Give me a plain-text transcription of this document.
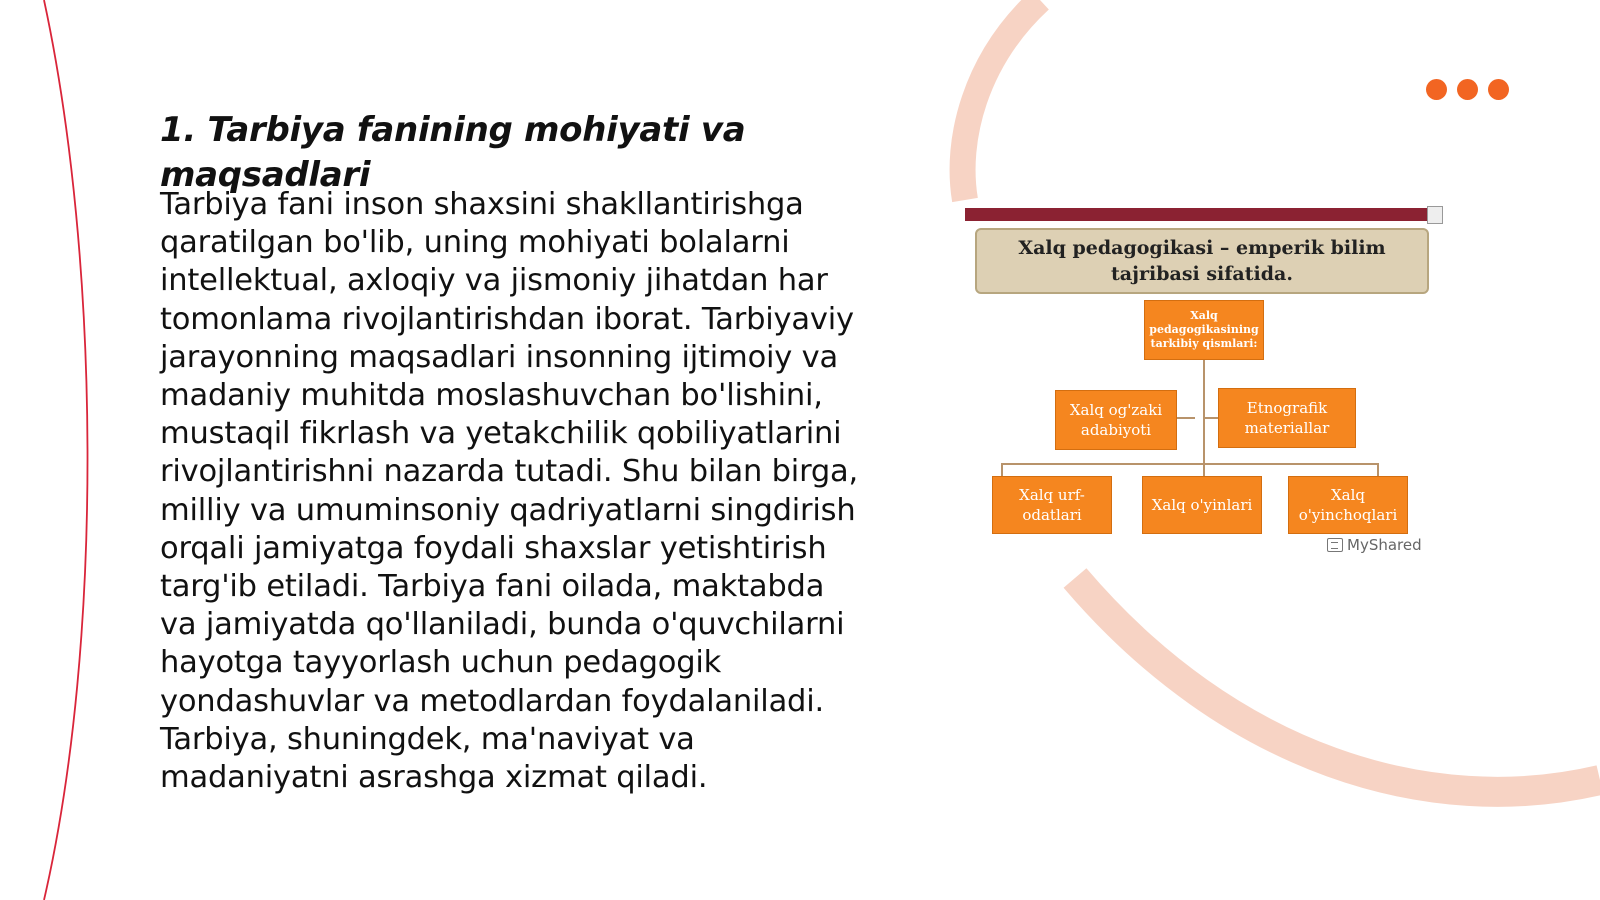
1. Tarbiya fanining mohiyati va maqsadlari

Tarbiya fani inson shaxsini shakllantirishga qaratilgan bo'lib, uning mohiyati bolalarni intellektual, axloqiy va jismoniy jihatdan har tomonlama rivojlantirishdan iborat. Tarbiyaviy jarayonning maqsadlari insonning ijtimoiy va madaniy muhitda moslashuvchan bo'lishini, mustaqil fikrlash va yetakchilik qobiliyatlarini rivojlantirishni nazarda tutadi. Shu bilan birga, milliy va umuminsoniy qadriyatlarni singdirish orqali jamiyatga foydali shaxslar yetishtirish targ'ib etiladi. Tarbiya fani oilada, maktabda va jamiyatda qo'llaniladi, bunda o'quvchilarni hayotga tayyorlash uchun pedagogik yondashuvlar va metodlardan foydalaniladi. Tarbiya, shuningdek, ma'naviyat va madaniyatni asrashga xizmat qiladi.

Xalq pedagogikasi – emperik bilim tajribasi sifatida.
Xalq pedagogikasining tarkibiy qismlari:
Xalq og'zaki adabiyoti
Etnografik materiallar
Xalq urf-odatlari
Xalq o'yinlari
Xalq o'yinchoqlari
MyShared
